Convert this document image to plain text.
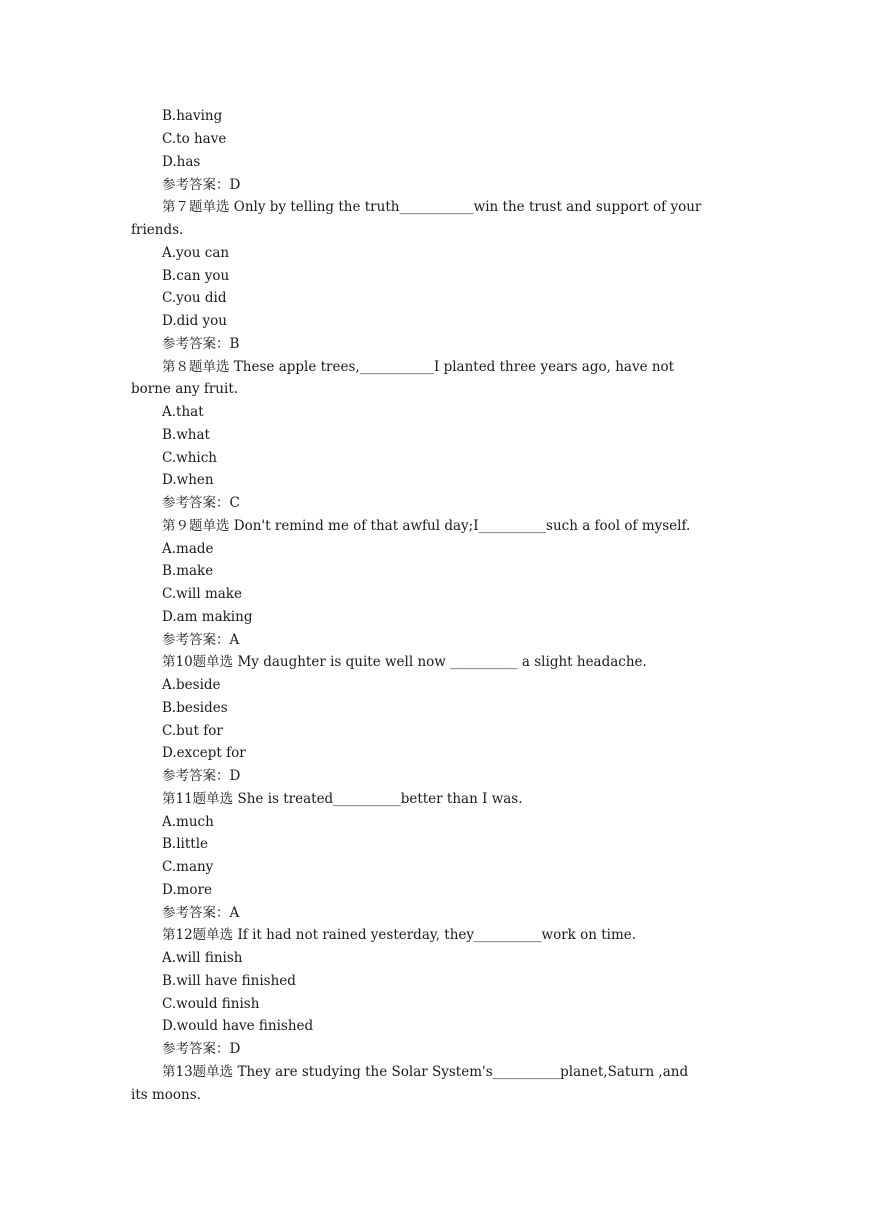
B.having
C.to have
D.has
参考答案：D
第７题单选 Only by telling the truth___________win the trust and support of your
friends.
A.you can
B.can you
C.you did
D.did you
参考答案：B
第８题单选 These apple trees,___________I planted three years ago, have not
borne any fruit.
A.that
B.what
C.which
D.when
参考答案：C
第９题单选 Don't remind me of that awful day;I__________such a fool of myself.
A.made
B.make
C.will make
D.am making
参考答案：A
第10题单选 My daughter is quite well now __________ a slight headache.
A.beside
B.besides
C.but for
D.except for
参考答案：D
第11题单选 She is treated__________better than I was.
A.much
B.little
C.many
D.more
参考答案：A
第12题单选 If it had not rained yesterday, they__________work on time.
A.will finish
B.will have finished
C.would finish
D.would have finished
参考答案：D
第13题单选 They are studying the Solar System's__________planet,Saturn ,and
its moons.
